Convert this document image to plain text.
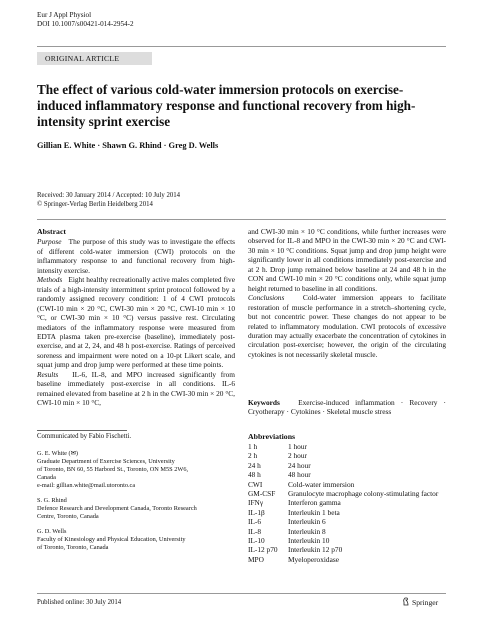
Eur J Appl Physiol
DOI 10.1007/s00421-014-2954-2
ORIGINAL ARTICLE
The effect of various cold-water immersion protocols on exercise-induced inflammatory response and functional recovery from high-intensity sprint exercise
Gillian E. White · Shawn G. Rhind · Greg D. Wells
Received: 30 January 2014 / Accepted: 10 July 2014
© Springer-Verlag Berlin Heidelberg 2014

Abstract

Purpose The purpose of this study was to investigate the effects of different cold-water immersion (CWI) protocols on the inflammatory response to and functional recovery from high-intensity exercise.

Methods Eight healthy recreationally active males completed five trials of a high-intensity intermittent sprint protocol followed by a randomly assigned recovery condition: 1 of 4 CWI protocols (CWI-10 min × 20 °C, CWI-30 min × 20 °C, CWI-10 min × 10 °C, or CWI-30 min × 10 °C) versus passive rest. Circulating mediators of the inflammatory response were measured from EDTA plasma taken pre-exercise (baseline), immediately post-exercise, and at 2, 24, and 48 h post-exercise. Ratings of perceived soreness and impairment were noted on a 10-pt Likert scale, and squat jump and drop jump were performed at these time points.

Results IL-6, IL-8, and MPO increased significantly from baseline immediately post-exercise in all conditions. IL-6 remained elevated from baseline at 2 h in the CWI-30 min × 20 °C, CWI-10 min × 10 °C,

Communicated by Fabio Fischetti.
G. E. White (✉)
Graduate Department of Exercise Sciences, University
of Toronto, BN 60, 55 Harbord St., Toronto, ON M5S 2W6,
Canada
e-mail: gillian.white@mail.utoronto.ca
S. G. Rhind
Defence Research and Development Canada, Toronto Research
Centre, Toronto, Canada
G. D. Wells
Faculty of Kinesiology and Physical Education, University
of Toronto, Toronto, Canada

and CWI-30 min × 10 °C conditions, while further increases were observed for IL-8 and MPO in the CWI-30 min × 20 °C and CWI-30 min × 10 °C conditions. Squat jump and drop jump height were significantly lower in all conditions immediately post-exercise and at 2 h. Drop jump remained below baseline at 24 and 48 h in the CON and CWI-10 min × 20 °C conditions only, while squat jump height returned to baseline in all conditions.

Conclusions	Cold-water immersion appears to facilitate restoration of muscle performance in a stretch–shortening cycle, but not concentric power. These changes do not appear to be related to inflammatory modulation. CWI protocols of excessive duration may actually exacerbate the concentration of cytokines in circulation post-exercise; however, the origin of the circulating cytokines is not necessarily skeletal muscle.

Keywords Exercise-induced inflammation · Recovery · Cryotherapy · Cytokines · Skeletal muscle stress
Abbreviations
1 h	1 hour
2 h	2 hour
24 h	24 hour
48 h	48 hour
CWI	Cold-water immersion
GM-CSF	Granulocyte macrophage colony-stimulating factor
IFNγ	Interferon gamma
IL-1β	Interleukin 1 beta
IL-6	Interleukin 6
IL-8	Interleukin 8
IL-10	Interleukin 10
IL-12 p70	Interleukin 12 p70
MPO	Myeloperoxidase
Published online: 30 July 2014	Springer
